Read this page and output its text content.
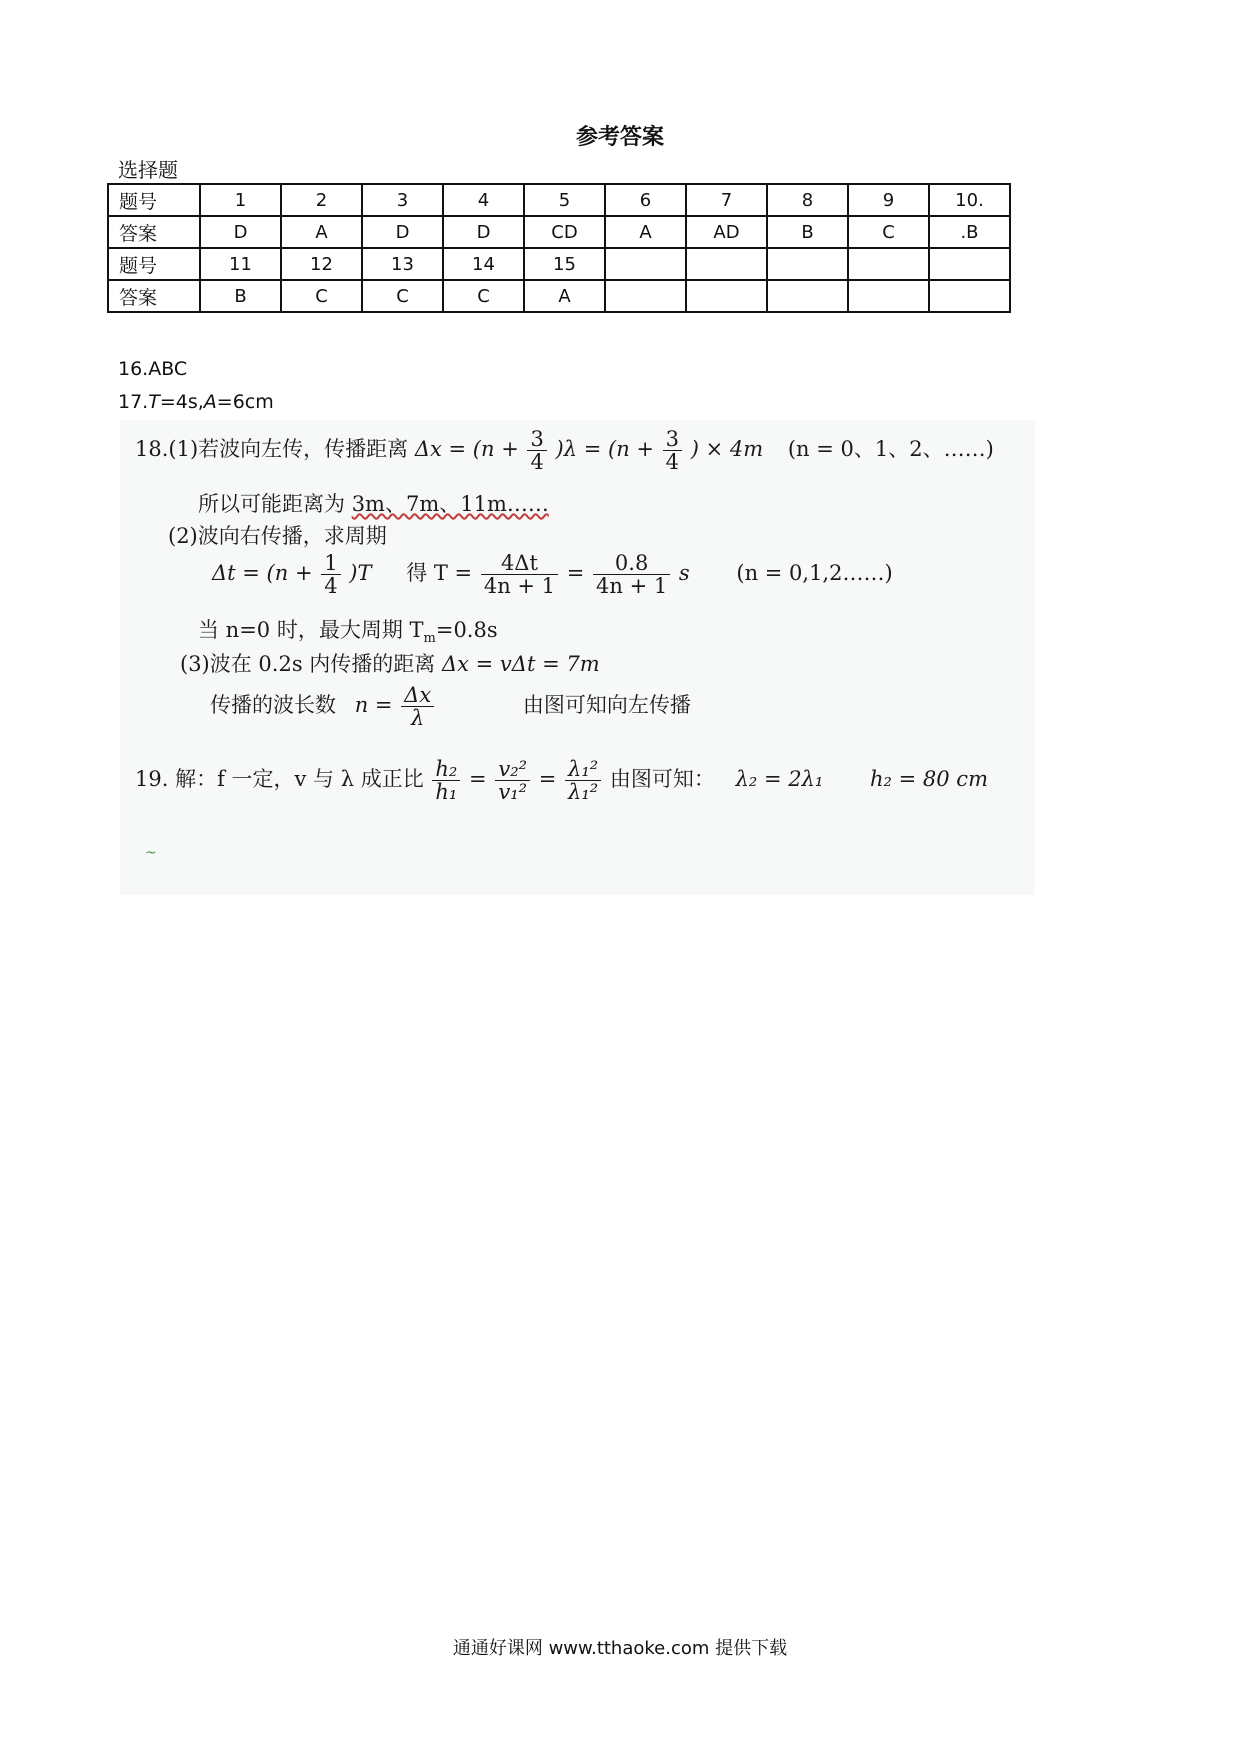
参考答案
选择题
题号	1	2	3	4	5	6	7	8	9	10.
答案	D	A	D	D	CD	A	AD	B	C	.B
题号	11	12	13	14	15					
答案	B	C	C	C	A					
16.ABC
17.T=4s,A=6cm
18.(1)若波向左传，传播距离 $\Delta x = (n + \frac{3}{4} )\lambda = (n + \frac{3}{4}$ ) × 4m (n = 0、1、2、……)
所以可能距离为 3m、7m、11m……
(2)波向右传播，求周期
$\Delta t = (n + \frac{1}{4} )T$ 得 $T = \frac{4\Delta t}{4n + 1} = \frac{0.8}{4n + 1}$ s (n = 0,1,2……)
当 n=0 时，最大周期 $T_m=0.8s$
(3)波在 0.2s 内传播的距离 Δx = vΔt = 7m
传播的波长数 $n = \frac{\Delta x}{\lambda}$	由图可知向左传播
19. 解：f 一定，v 与 λ 成正比 $\frac{\text{h₂}}{\text{h₁}} = \frac{\text{v₂²}}{\text{v₁²}} = \frac{\text{λ₁²}}{\text{λ₁²}}$ 由图可知： λ₂ = 2λ₁ h₂ = 80 cm
~
通通好课网 www.tthaoke.com 提供下载
